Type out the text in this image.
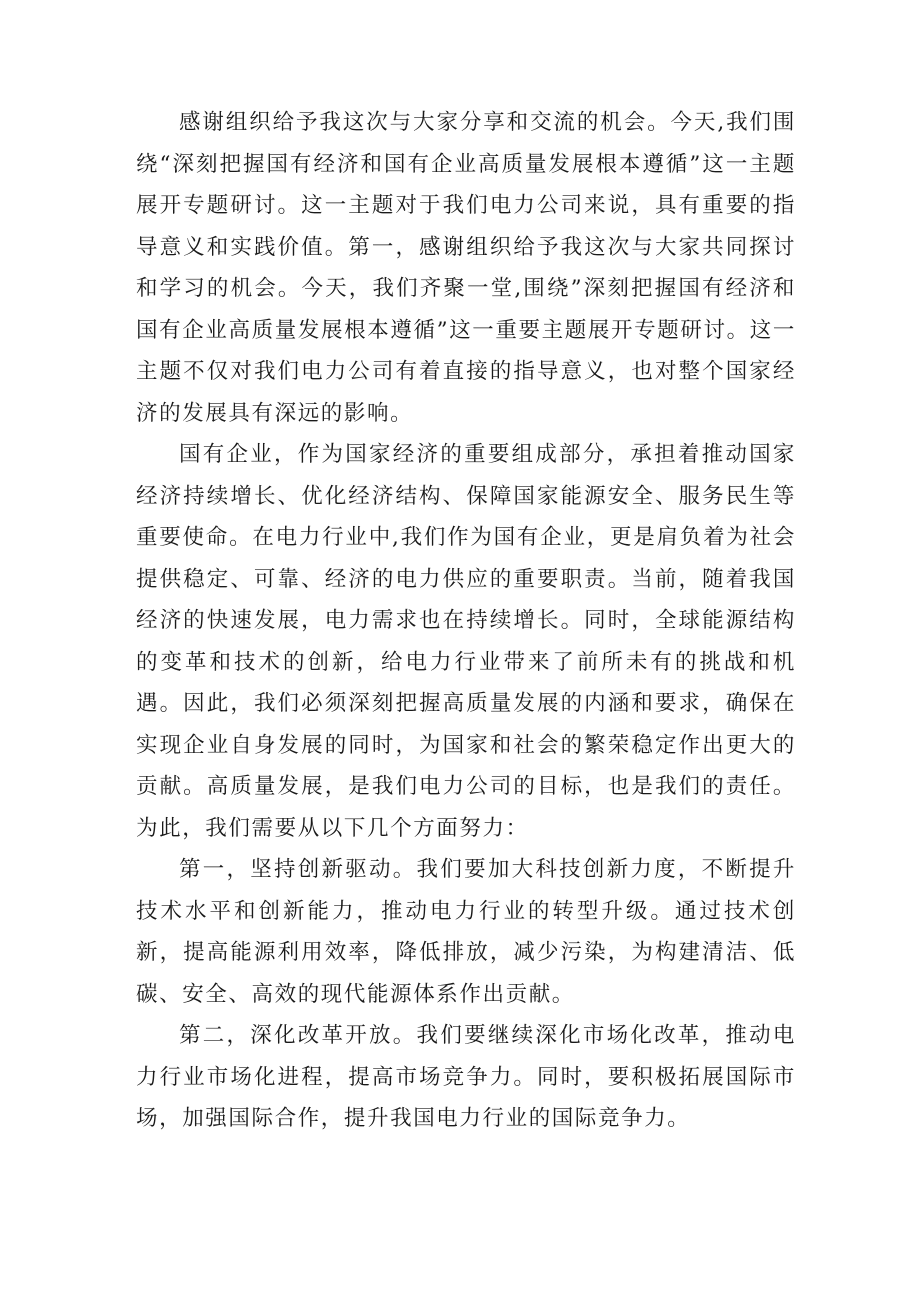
感谢组织给予我这次与大家分享和交流的机会。今天,我们围绕“深刻把握国有经济和国有企业高质量发展根本遵循”这一主题展开专题研讨。这一主题对于我们电力公司来说，具有重要的指导意义和实践价值。第一，感谢组织给予我这次与大家共同探讨和学习的机会。今天，我们齐聚一堂,围绕”深刻把握国有经济和国有企业高质量发展根本遵循”这一重要主题展开专题研讨。这一主题不仅对我们电力公司有着直接的指导意义，也对整个国家经济的发展具有深远的影响。

国有企业，作为国家经济的重要组成部分，承担着推动国家经济持续增长、优化经济结构、保障国家能源安全、服务民生等重要使命。在电力行业中,我们作为国有企业，更是肩负着为社会提供稳定、可靠、经济的电力供应的重要职责。当前，随着我国经济的快速发展，电力需求也在持续增长。同时，全球能源结构的变革和技术的创新，给电力行业带来了前所未有的挑战和机遇。因此，我们必须深刻把握高质量发展的内涵和要求，确保在实现企业自身发展的同时，为国家和社会的繁荣稳定作出更大的贡献。高质量发展，是我们电力公司的目标，也是我们的责任。为此，我们需要从以下几个方面努力：

第一，坚持创新驱动。我们要加大科技创新力度，不断提升技术水平和创新能力，推动电力行业的转型升级。通过技术创新，提高能源利用效率，降低排放，减少污染，为构建清洁、低碳、安全、高效的现代能源体系作出贡献。

第二，深化改革开放。我们要继续深化市场化改革，推动电力行业市场化进程，提高市场竞争力。同时，要积极拓展国际市场，加强国际合作，提升我国电力行业的国际竞争力。
